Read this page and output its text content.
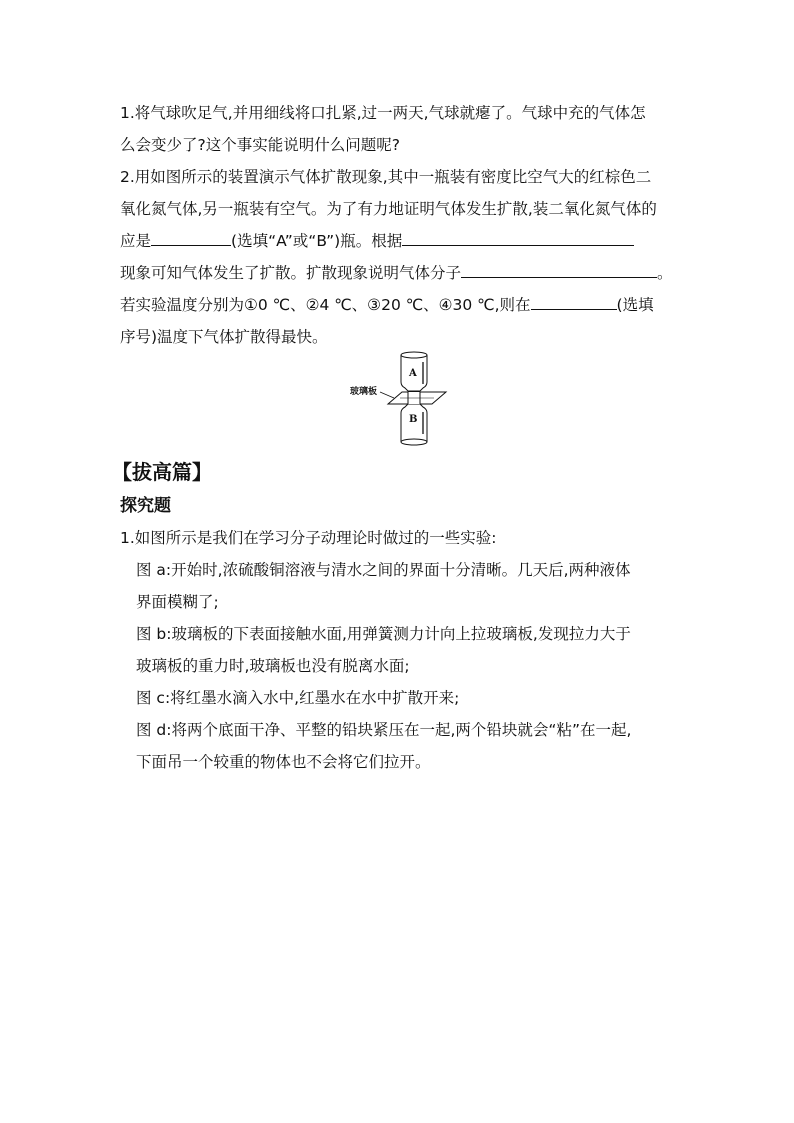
1.将气球吹足气,并用细线将口扎紧,过一两天,气球就瘪了。气球中充的气体怎
么会变少了?这个事实能说明什么问题呢?
2.用如图所示的装置演示气体扩散现象,其中一瓶装有密度比空气大的红棕色二
氧化氮气体,另一瓶装有空气。为了有力地证明气体发生扩散,装二氧化氮气体的
应是	(选填“A”或“B”)瓶。根据
现象可知气体发生了扩散。扩散现象说明气体分子	。
若实验温度分别为①0 ℃、②4 ℃、③20 ℃、④30 ℃,则在	(选填
序号)温度下气体扩散得最快。
玻璃板
A
B
【拔高篇】
探究题
1.如图所示是我们在学习分子动理论时做过的一些实验:
图 a:开始时,浓硫酸铜溶液与清水之间的界面十分清晰。几天后,两种液体
界面模糊了;
图 b:玻璃板的下表面接触水面,用弹簧测力计向上拉玻璃板,发现拉力大于
玻璃板的重力时,玻璃板也没有脱离水面;
图 c:将红墨水滴入水中,红墨水在水中扩散开来;
图 d:将两个底面干净、平整的铅块紧压在一起,两个铅块就会“粘”在一起,
下面吊一个较重的物体也不会将它们拉开。
